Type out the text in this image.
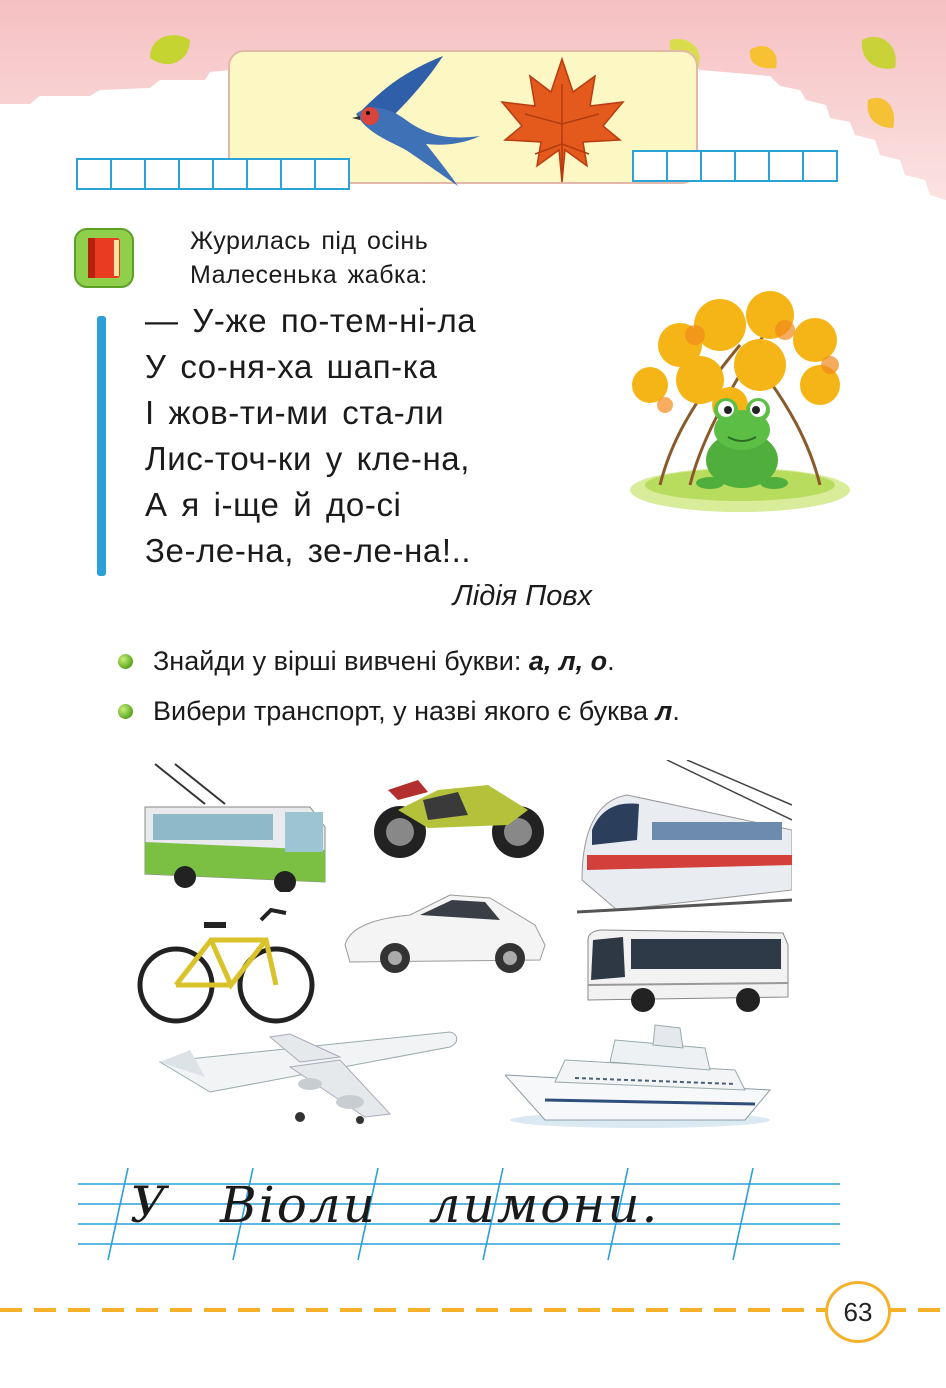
Журилась під осінь
Малесенька жабка:
— У-же по-тем-ні-ла
У со-ня-ха шап-ка
І жов-ти-ми ста-ли
Лис-точ-ки у кле-на,
А я і-ще й до-сі
Зе-ле-на, зе-ле-на!..
Лідія Повх
Знайди у вірші вивчені букви: а, л, о .
Вибери транспорт, у назві якого є буква л .
У Віоли лимони.
63
